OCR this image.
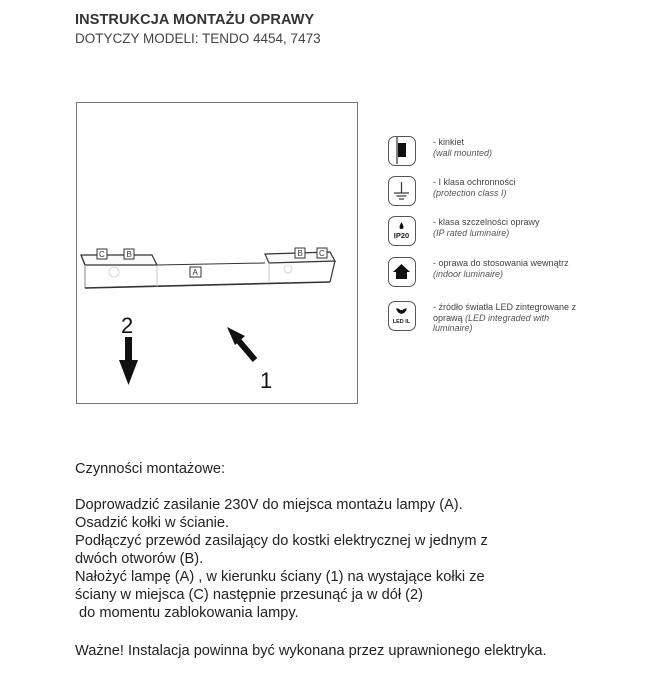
INSTRUKCJA MONTAŻU OPRAWY
DOTYCZY MODELI: TENDO 4454, 7473
C	B
A
B C
2
1
- kinkiet
(wall mounted)
- I klasa ochronności
(protection class I)
IP20
- klasa szczelności oprawy
(IP rated luminaire)
- oprawa do stosowania wewnątrz (indoor luminaire)
LED IL
- źródło światła LED zintegrowane z oprawą (LED integraded with luminaire)
Czynności montażowe:
Doprowadzić zasilanie 230V do miejsca montażu lampy (A).
Osadzić kołki w ścianie.
Podłączyć przewód zasilający do kostki elektrycznej w jednym z
dwóch otworów (B).
Nałożyć lampę (A) , w kierunku ściany (1) na wystające kołki ze
ściany w miejsca (C) następnie przesunąć ja w dół (2)
do momentu zablokowania lampy.
Ważne! Instalacja powinna być wykonana przez uprawnionego elektryka.
